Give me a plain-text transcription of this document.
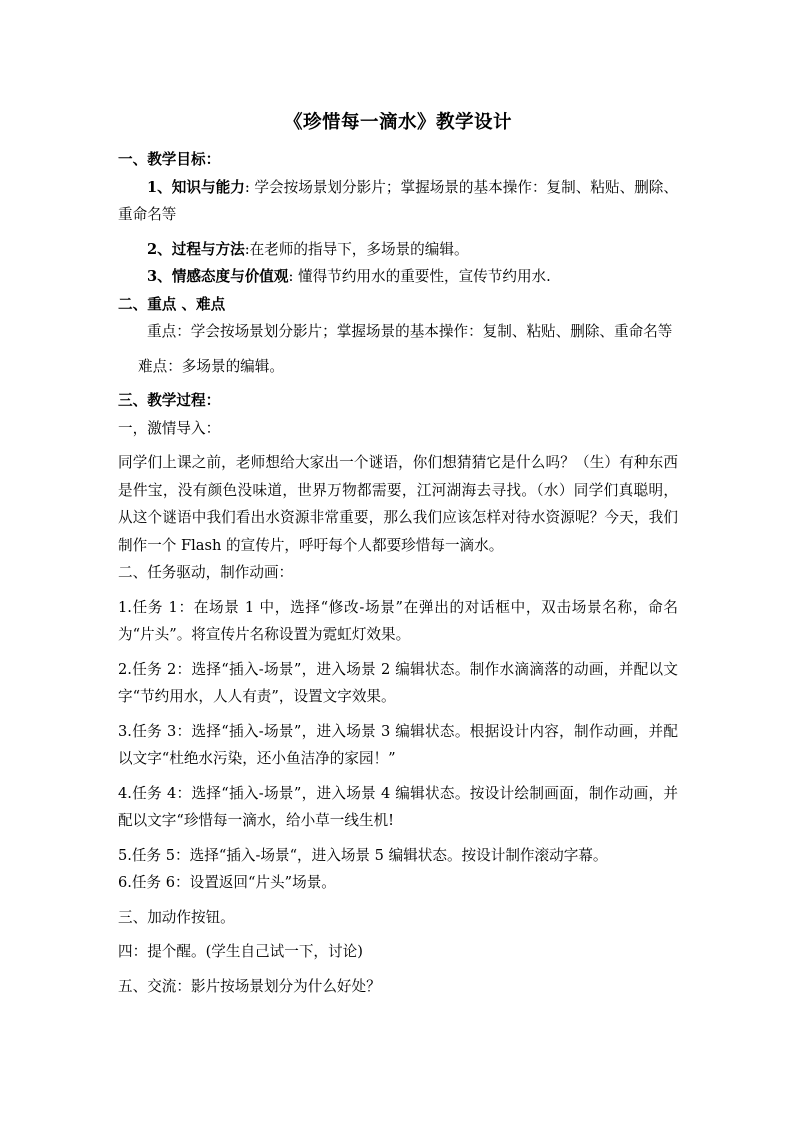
《珍惜每一滴水》教学设计

一、教学目标：

1、知识与能力: 学会按场景划分影片；掌握场景的基本操作：复制、粘贴、删除、重命名等

2、过程与方法:在老师的指导下，多场景的编辑。

3、情感态度与价值观: 懂得节约用水的重要性，宣传节约用水.

二、重点 、难点

重点：学会按场景划分影片；掌握场景的基本操作：复制、粘贴、删除、重命名等

难点：多场景的编辑。

三、教学过程：

一，激情导入：

同学们上课之前，老师想给大家出一个谜语，你们想猜猜它是什么吗？（生）有种东西是件宝，没有颜色没味道，世界万物都需要，江河湖海去寻找。（水）同学们真聪明，从这个谜语中我们看出水资源非常重要，那么我们应该怎样对待水资源呢？今天，我们制作一个 Flash 的宣传片，呼吁每个人都要珍惜每一滴水。

二、任务驱动，制作动画：

1.任务 1：在场景 1 中，选择“修改-场景”在弹出的对话框中，双击场景名称，命名为“片头”。将宣传片名称设置为霓虹灯效果。

2.任务 2：选择“插入-场景”，进入场景 2 编辑状态。制作水滴滴落的动画，并配以文字“节约用水，人人有责”，设置文字效果。

3.任务 3：选择“插入-场景”，进入场景 3 编辑状态。根据设计内容，制作动画，并配以文字“杜绝水污染，还小鱼洁净的家园！”

4.任务 4：选择“插入-场景”，进入场景 4 编辑状态。按设计绘制画面，制作动画，并配以文字“珍惜每一滴水，给小草一线生机!

5.任务 5：选择“插入-场景“，进入场景 5 编辑状态。按设计制作滚动字幕。

6.任务 6：设置返回“片头”场景。

三、加动作按钮。

四：提个醒。(学生自己试一下，讨论)

五、交流：影片按场景划分为什么好处？
